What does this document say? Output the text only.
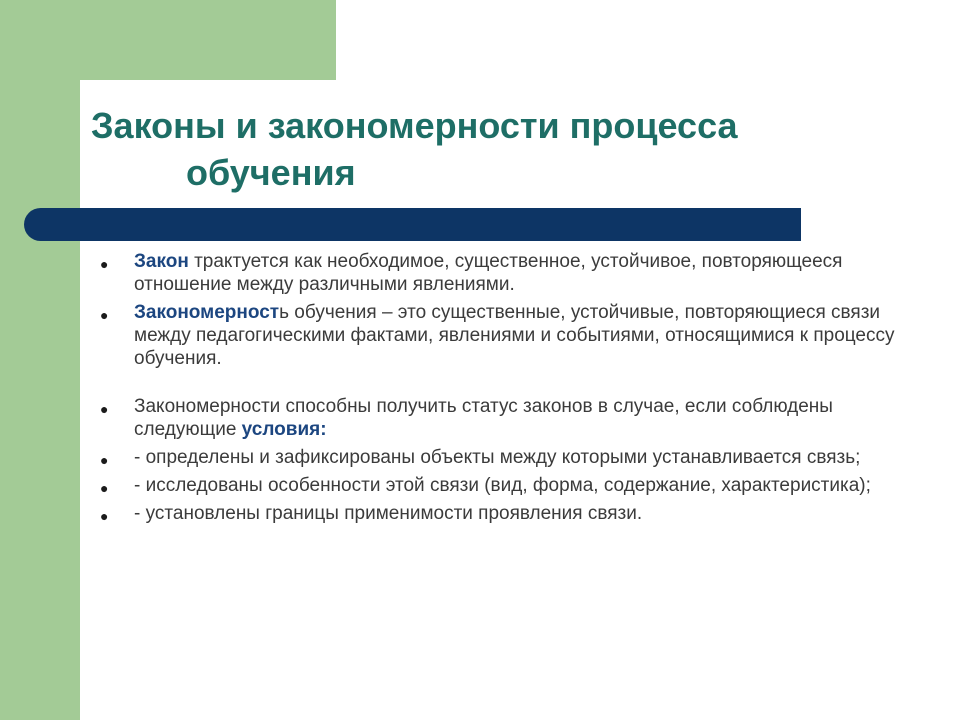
Законы и закономерности процесса
обучения
● Закон трактуется как необходимое, существенное, устойчивое, повторяющееся отношение между различными явлениями.
● Закономерность обучения – это существенные, устойчивые, повторяющиеся связи между педагогическими фактами, явлениями и событиями, относящимися к процессу обучения.
● Закономерности способны получить статус законов в случае, если соблюдены следующие условия:
● - определены и зафиксированы объекты между которыми устанавливается связь;
● - исследованы особенности этой связи (вид, форма, содержание, характеристика);
● - установлены границы применимости проявления связи.
